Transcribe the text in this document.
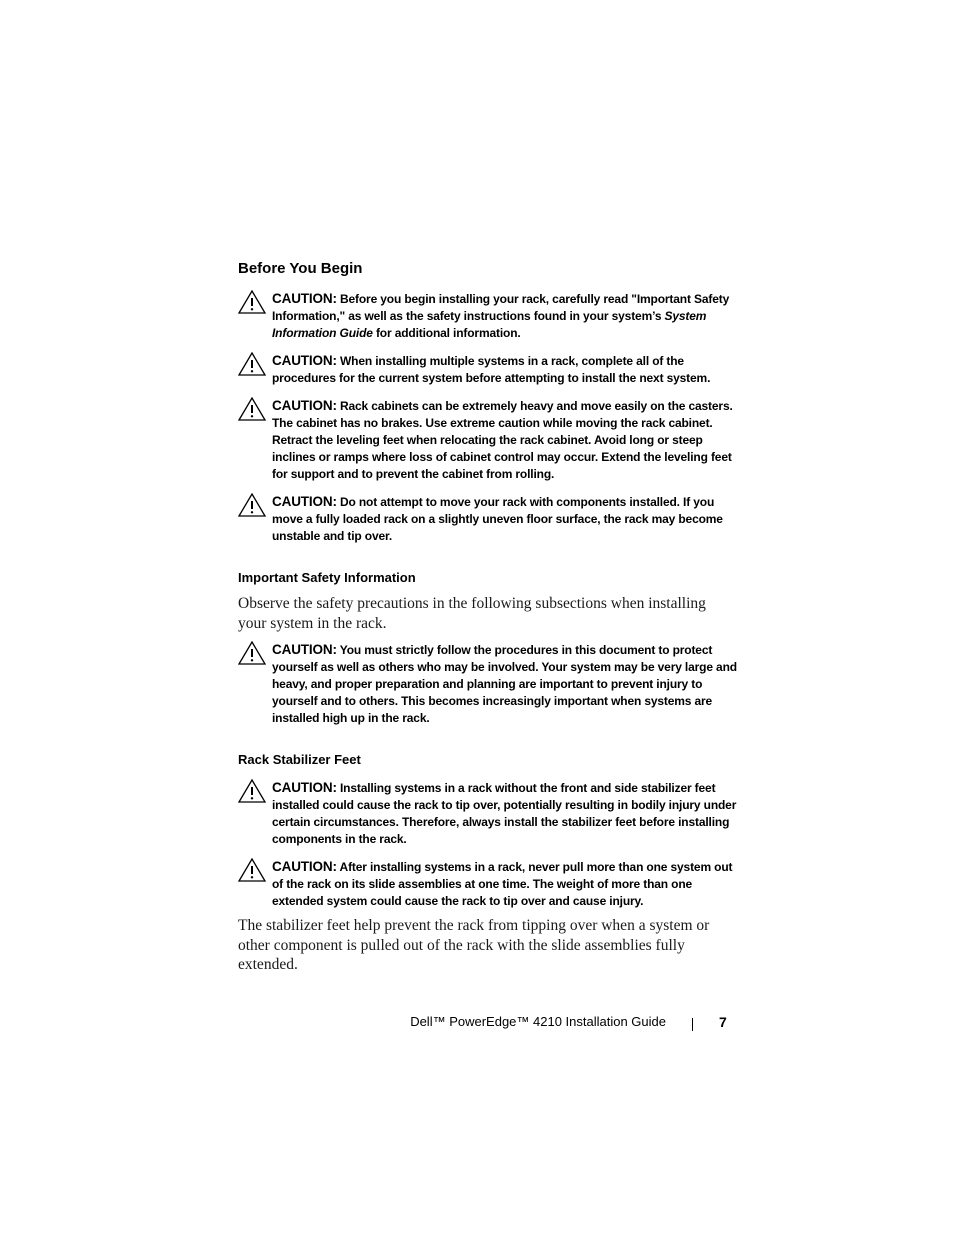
Before You Begin
CAUTION: Before you begin installing your rack, carefully read "Important Safety Information," as well as the safety instructions found in your system’s System Information Guide for additional information.
CAUTION: When installing multiple systems in a rack, complete all of the procedures for the current system before attempting to install the next system.
CAUTION: Rack cabinets can be extremely heavy and move easily on the casters. The cabinet has no brakes. Use extreme caution while moving the rack cabinet. Retract the leveling feet when relocating the rack cabinet. Avoid long or steep inclines or ramps where loss of cabinet control may occur. Extend the leveling feet for support and to prevent the cabinet from rolling.
CAUTION: Do not attempt to move your rack with components installed. If you move a fully loaded rack on a slightly uneven floor surface, the rack may become unstable and tip over.
Important Safety Information
Observe the safety precautions in the following subsections when installing your system in the rack.
CAUTION: You must strictly follow the procedures in this document to protect yourself as well as others who may be involved. Your system may be very large and heavy, and proper preparation and planning are important to prevent injury to yourself and to others. This becomes increasingly important when systems are installed high up in the rack.
Rack Stabilizer Feet
CAUTION: Installing systems in a rack without the front and side stabilizer feet installed could cause the rack to tip over, potentially resulting in bodily injury under certain circumstances. Therefore, always install the stabilizer feet before installing components in the rack.
CAUTION: After installing systems in a rack, never pull more than one system out of the rack on its slide assemblies at one time. The weight of more than one extended system could cause the rack to tip over and cause injury.
The stabilizer feet help prevent the rack from tipping over when a system or other component is pulled out of the rack with the slide assemblies fully extended.
Dell™ PowerEdge™ 4210 Installation Guide	7
